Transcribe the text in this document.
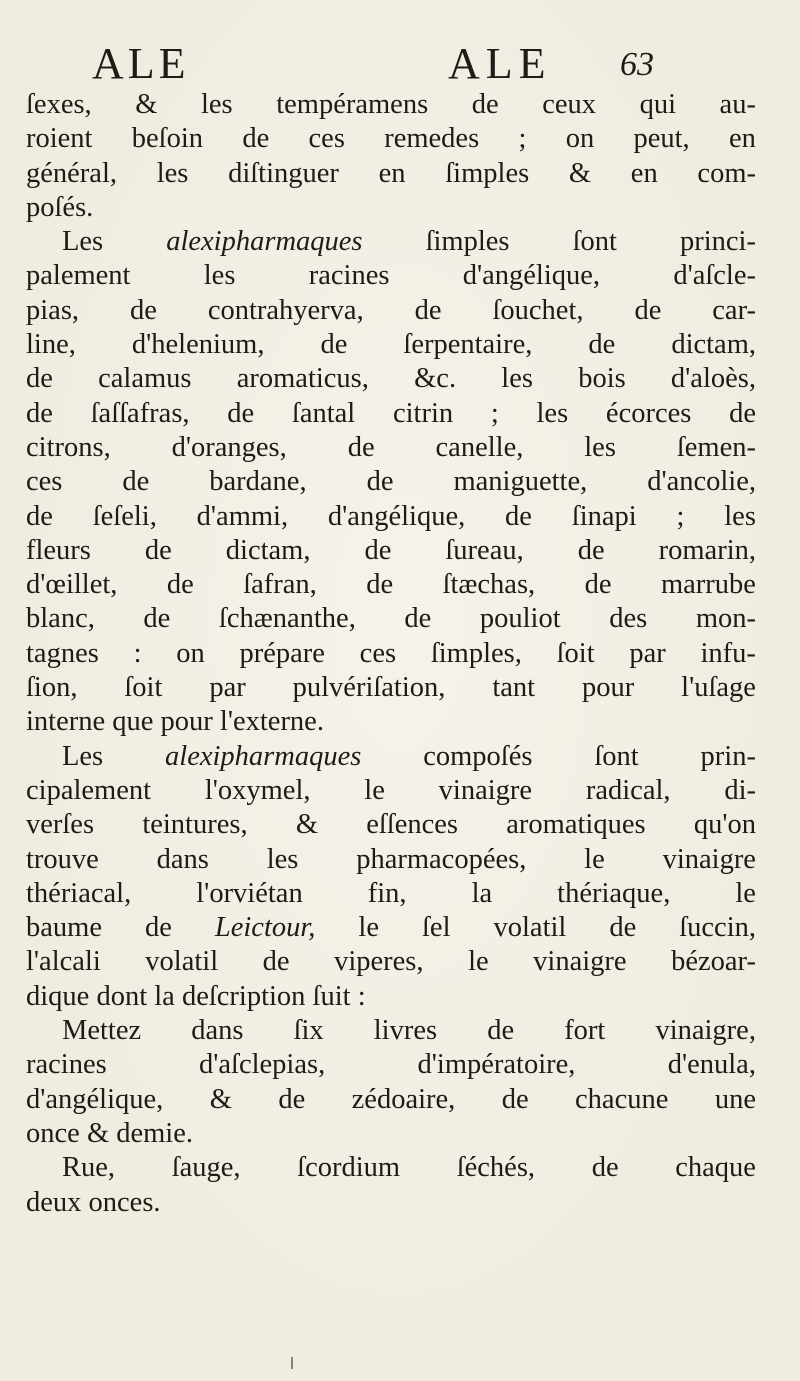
ALE	ALE 63
ſexes, & les tempéramens de ceux qui au-
roient beſoin de ces remedes ; on peut, en
général, les diſtinguer en ſimples & en com-
poſés.
Les alexipharmaques ſimples ſont princi-
palement	les	racines	d'angélique,	d'aſcle-
pias, de contrahyerva, de ſouchet, de car-
line, d'helenium, de ſerpentaire, de dictam,
de calamus aromaticus, &c. les bois d'aloès,
de ſaſſafras, de ſantal citrin ; les écorces de
citrons, d'oranges, de canelle, les ſemen-
ces de bardane, de maniguette, d'ancolie,
de ſeſeli, d'ammi, d'angélique, de ſinapi ; les
fleurs de dictam, de ſureau, de romarin,
d'œillet, de ſafran, de ſtæchas, de marrube
blanc, de ſchænanthe, de pouliot des mon-
tagnes : on prépare ces ſimples, ſoit par infu-
ſion, ſoit par pulvériſation, tant pour l'uſage
interne que pour l'externe.
Les alexipharmaques compoſés ſont prin-
cipalement l'oxymel, le vinaigre radical, di-
verſes teintures, & eſſences aromatiques qu'on
trouve dans les pharmacopées, le vinaigre
thériacal, l'orviétan fin, la thériaque, le
baume de Leictour, le ſel volatil de ſuccin,
l'alcali volatil de viperes, le vinaigre bézoar-
dique dont la deſcription ſuit :
Mettez dans ſix livres de fort vinaigre,
racines	d'aſclepias,	d'impératoire,	d'enula,
d'angélique, & de zédoaire, de chacune une
once & demie.
Rue, ſauge, ſcordium ſéchés, de chaque
deux onces.
